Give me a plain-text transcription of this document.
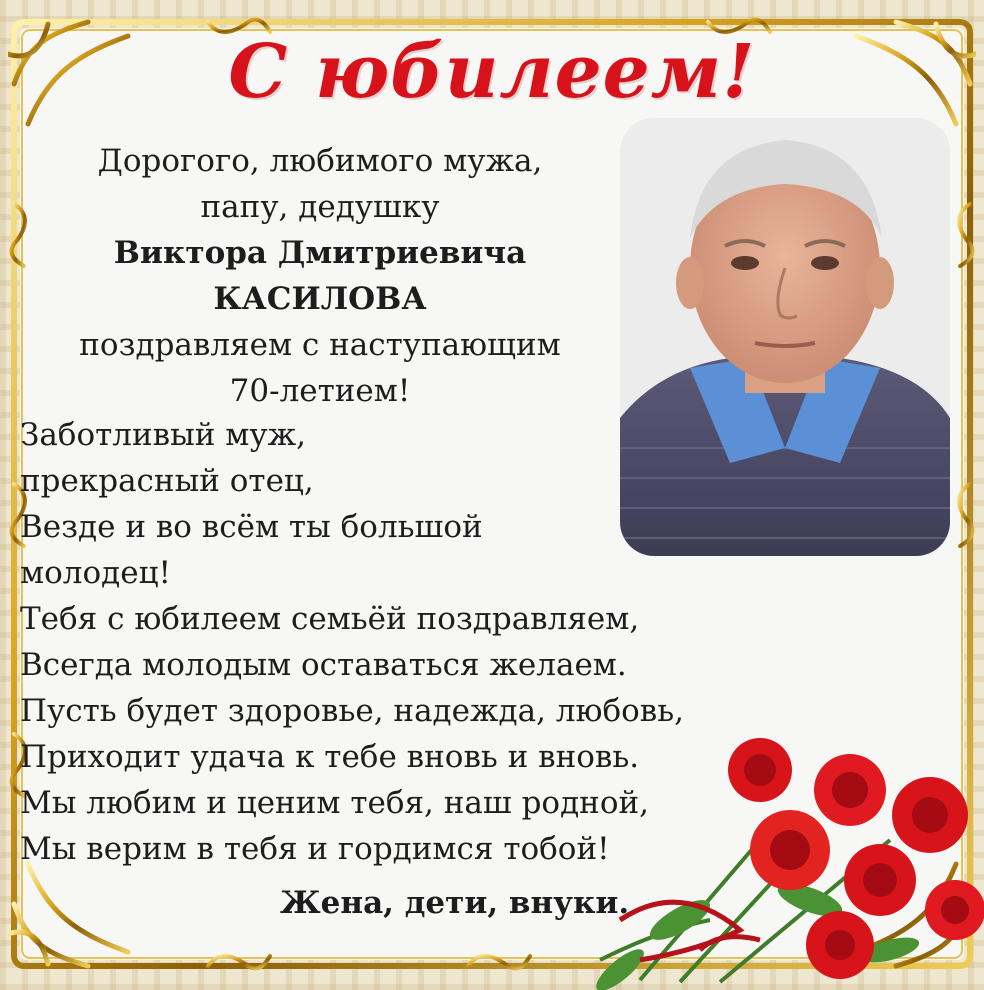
С юбилеем!
Дорогого, любимого мужа,
папу, дедушку
Виктора Дмитриевича
КАСИЛОВА
поздравляем с наступающим
70-летием!
Заботливый муж,
прекрасный отец,
Везде и во всём ты большой
молодец!
Тебя с юбилеем семьёй поздравляем,
Всегда молодым оставаться желаем.
Пусть будет здоровье, надежда, любовь,
Приходит удача к тебе вновь и вновь.
Мы любим и ценим тебя, наш родной,
Мы верим в тебя и гордимся тобой!
Жена, дети, внуки.
